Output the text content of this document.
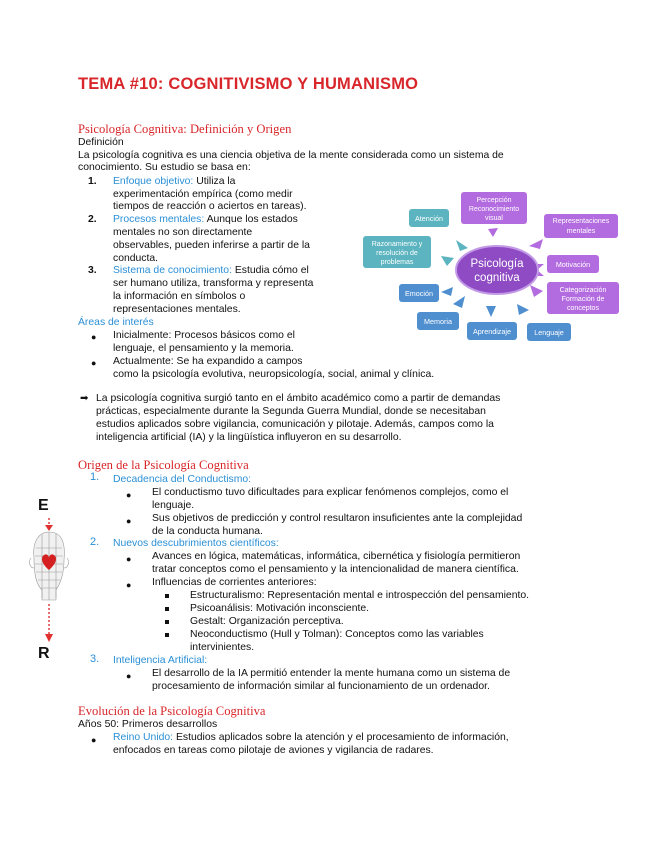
TEMA #10: COGNITIVISMO Y HUMANISMO
Psicología Cognitiva: Definición y Origen
Definición
La psicología cognitiva es una ciencia objetiva de la mente considerada como un sistema de
conocimiento. Su estudio se basa en:
1. Enfoque objetivo: Utiliza la
experimentación empírica (como medir
tiempos de reacción o aciertos en tareas).
2. Procesos mentales: Aunque los estados
mentales no son directamente
observables, pueden inferirse a partir de la
conducta.
3. Sistema de conocimiento: Estudia cómo el
ser humano utiliza, transforma y representa
la información en símbolos o
representaciones mentales.
Áreas de interés
● Inicialmente: Procesos básicos como el
lenguaje, el pensamiento y la memoria.
● Actualmente: Se ha expandido a campos
como la psicología evolutiva, neuropsicología, social, animal y clínica.
➡ La psicología cognitiva surgió tanto en el ámbito académico como a partir de demandas
prácticas, especialmente durante la Segunda Guerra Mundial, donde se necesitaban
estudios aplicados sobre vigilancia, comunicación y pilotaje. Además, campos como la
inteligencia artificial (IA) y la lingüística influyeron en su desarrollo.
Psicología
cognitiva
Atención
Percepción
Reconocimiento
visual	Representaciones
mentales
Razonamiento y
resolución de
problemas	Motivación
Emoción	Categorización
Formación de
conceptos
Memoria
Aprendizaje	Lenguaje
Origen de la Psicología Cognitiva
1. Decadencia del Conductismo:
● El conductismo tuvo dificultades para explicar fenómenos complejos, como el
lenguaje.
● Sus objetivos de predicción y control resultaron insuficientes ante la complejidad
de la conducta humana.
2. Nuevos descubrimientos científicos:
● Avances en lógica, matemáticas, informática, cibernética y fisiología permitieron
tratar conceptos como el pensamiento y la intencionalidad de manera científica.
● Influencias de corrientes anteriores:
Estructuralismo: Representación mental e introspección del pensamiento.
Psicoanálisis: Motivación inconsciente.
Gestalt: Organización perceptiva.
Neoconductismo (Hull y Tolman): Conceptos como las variables
intervinientes.
3. Inteligencia Artificial:
● El desarrollo de la IA permitió entender la mente humana como un sistema de
procesamiento de información similar al funcionamiento de un ordenador.
E
R
Evolución de la Psicología Cognitiva
Años 50: Primeros desarrollos
● Reino Unido: Estudios aplicados sobre la atención y el procesamiento de información,
enfocados en tareas como pilotaje de aviones y vigilancia de radares.
